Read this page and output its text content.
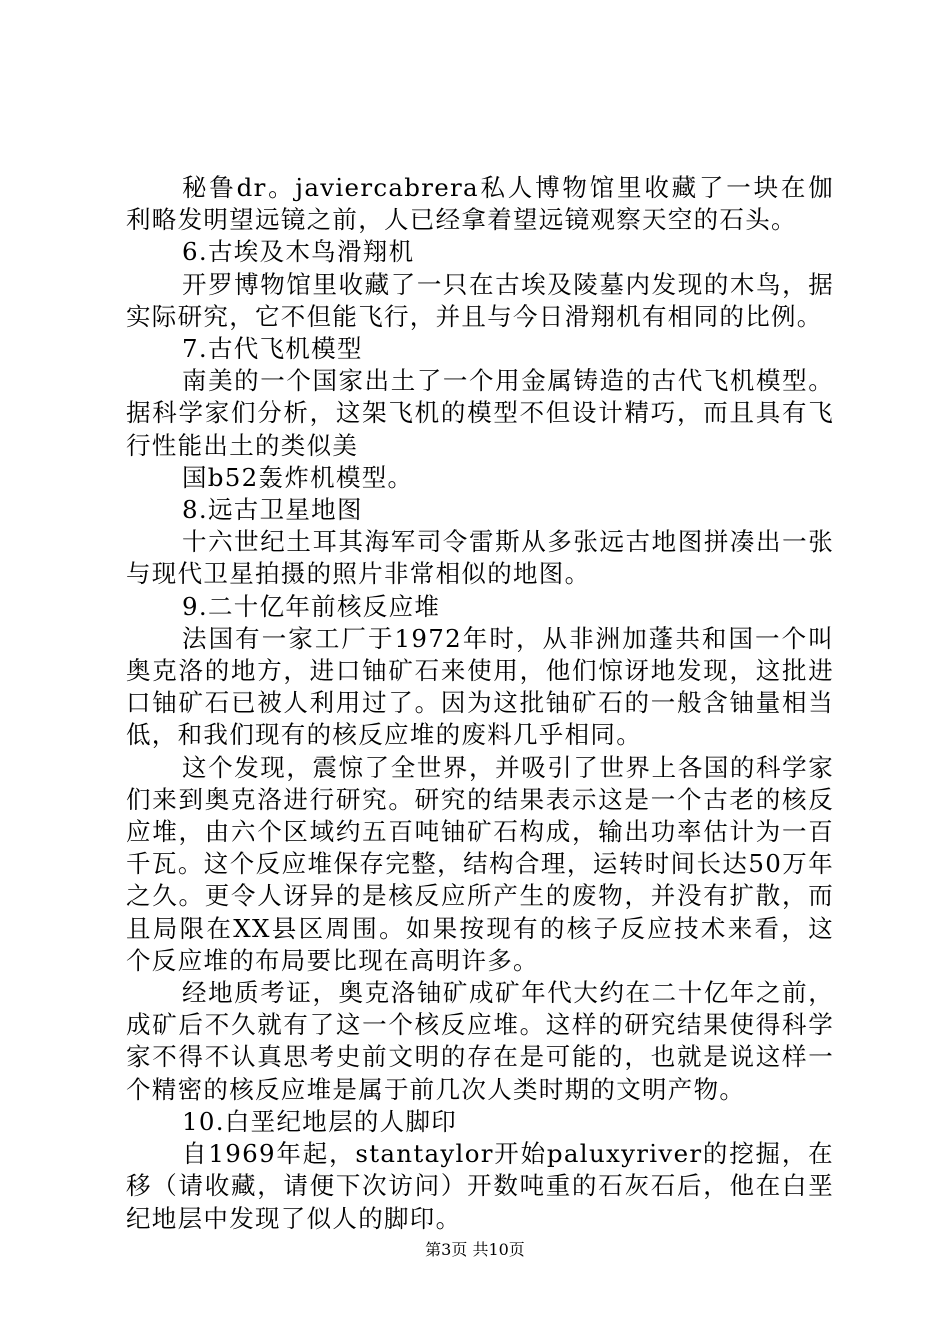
秘鲁dr。javiercabrera私人博物馆里收藏了一块在伽利略发明望远镜之前，人已经拿着望远镜观察天空的石头。

6.古埃及木鸟滑翔机

开罗博物馆里收藏了一只在古埃及陵墓内发现的木鸟，据实际研究，它不但能飞行，并且与今日滑翔机有相同的比例。

7.古代飞机模型

南美的一个国家出土了一个用金属铸造的古代飞机模型。据科学家们分析，这架飞机的模型不但设计精巧，而且具有飞行性能出土的类似美

国b52轰炸机模型。

8.远古卫星地图

十六世纪土耳其海军司令雷斯从多张远古地图拼凑出一张与现代卫星拍摄的照片非常相似的地图。

9.二十亿年前核反应堆

法国有一家工厂于1972年时，从非洲加蓬共和国一个叫奥克洛的地方，进口铀矿石来使用，他们惊讶地发现，这批进口铀矿石已被人利用过了。因为这批铀矿石的一般含铀量相当低，和我们现有的核反应堆的废料几乎相同。

这个发现，震惊了全世界，并吸引了世界上各国的科学家们来到奥克洛进行研究。研究的结果表示这是一个古老的核反应堆，由六个区域约五百吨铀矿石构成，输出功率估计为一百千瓦。这个反应堆保存完整，结构合理，运转时间长达50万年之久。更令人讶异的是核反应所产生的废物，并没有扩散，而且局限在XX县区周围。如果按现有的核子反应技术来看，这个反应堆的布局要比现在高明许多。

经地质考证，奥克洛铀矿成矿年代大约在二十亿年之前，成矿后不久就有了这一个核反应堆。这样的研究结果使得科学家不得不认真思考史前文明的存在是可能的，也就是说这样一个精密的核反应堆是属于前几次人类时期的文明产物。

10.白垩纪地层的人脚印

自1969年起，stantaylor开始paluxyriver的挖掘，在移（请收藏，请便下次访问）开数吨重的石灰石后，他在白垩纪地层中发现了似人的脚印。

第3页 共10页
